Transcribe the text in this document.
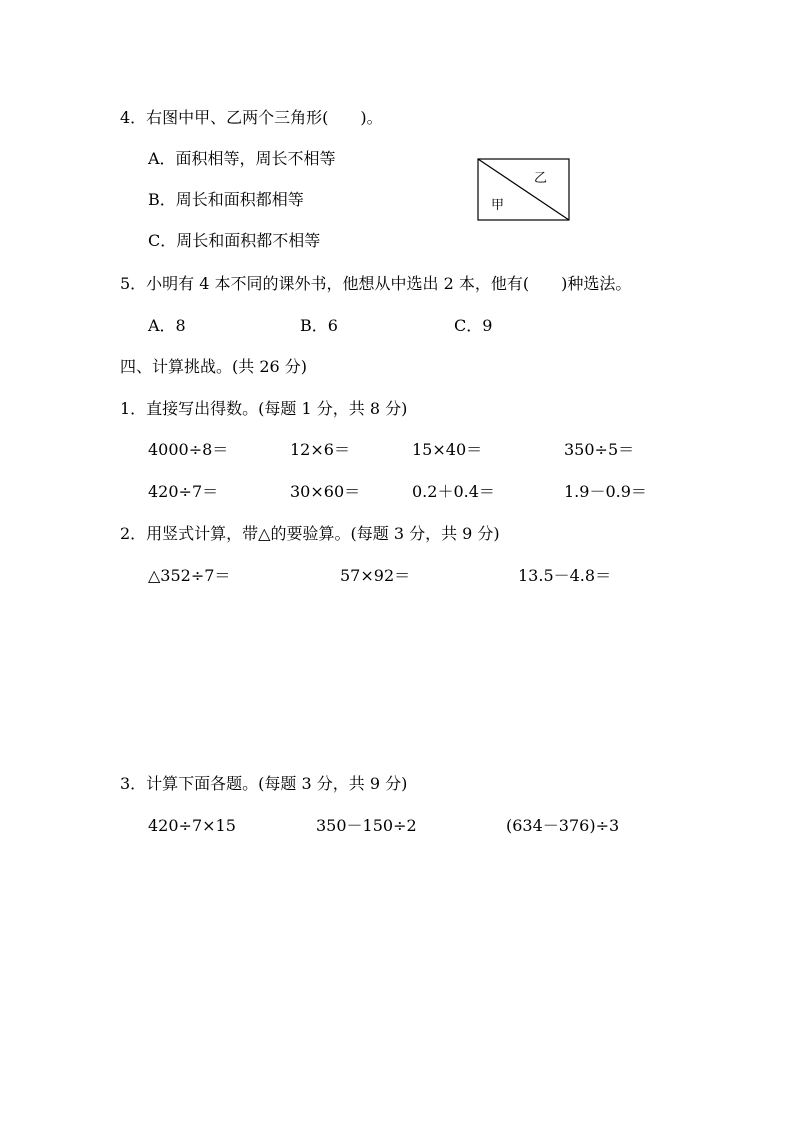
4．右图中甲、乙两个三角形(　　)。
A．面积相等，周长不相等
B．周长和面积都相等
C．周长和面积都不相等
乙
甲
5．小明有 4 本不同的课外书，他想从中选出 2 本，他有(　　)种选法。
A．8	B．6	C．9
四、计算挑战。(共 26 分)
1．直接写出得数。(每题 1 分，共 8 分)
4000÷8＝	12×6＝	15×40＝	350÷5＝
420÷7＝	30×60＝	0.2＋0.4＝	1.9－0.9＝
2．用竖式计算，带△的要验算。(每题 3 分，共 9 分)
△352÷7＝	57×92＝	13.5－4.8＝
3．计算下面各题。(每题 3 分，共 9 分)
420÷7×15	350－150÷2	(634－376)÷3
